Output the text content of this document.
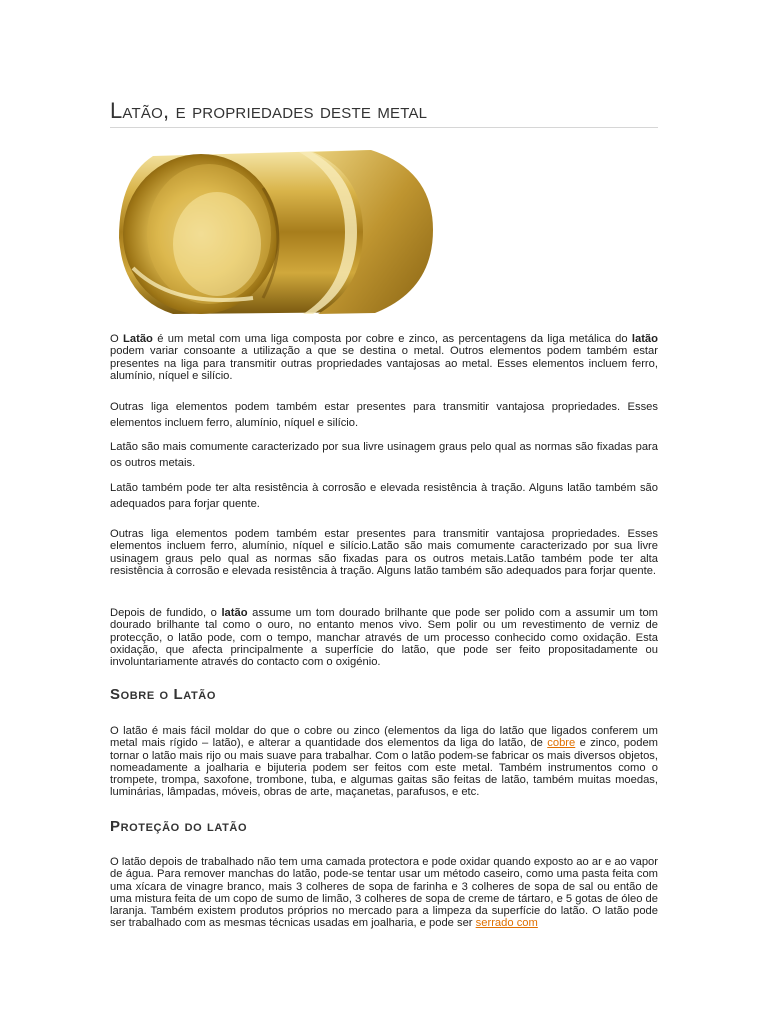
Latão, e propriedades deste metal

O Latão é um metal com uma liga composta por cobre e zinco, as percentagens da liga metálica do latão podem variar consoante a utilização a que se destina o metal. Outros elementos podem também estar presentes na liga para transmitir outras propriedades vantajosas ao metal. Esses elementos incluem ferro, alumínio, níquel e silício.

Outras liga elementos podem também estar presentes para transmitir vantajosa propriedades. Esses elementos incluem ferro, alumínio, níquel e silício.

Latão são mais comumente caracterizado por sua livre usinagem graus pelo qual as normas são fixadas para os outros metais.

Latão também pode ter alta resistência à corrosão e elevada resistência à tração. Alguns latão também são adequados para forjar quente.

Outras liga elementos podem também estar presentes para transmitir vantajosa propriedades. Esses elementos incluem ferro, alumínio, níquel e silício.Latão são mais comumente caracterizado por sua livre usinagem graus pelo qual as normas são fixadas para os outros metais.Latão também pode ter alta resistência à corrosão e elevada resistência à tração. Alguns latão também são adequados para forjar quente.

Depois de fundido, o latão assume um tom dourado brilhante que pode ser polido com a assumir um tom dourado brilhante tal como o ouro, no entanto menos vivo. Sem polir ou um revestimento de verniz de protecção, o latão pode, com o tempo, manchar através de um processo conhecido como oxidação. Esta oxidação, que afecta principalmente a superfície do latão, que pode ser feito propositadamente ou involuntariamente através do contacto com o oxigénio.

Sobre o Latão

O latão é mais fácil moldar do que o cobre ou zinco (elementos da liga do latão que ligados conferem um metal mais rígido – latão), e alterar a quantidade dos elementos da liga do latão, de cobre e zinco, podem tornar o latão mais rijo ou mais suave para trabalhar. Com o latão podem-se fabricar os mais diversos objetos, nomeadamente a joalharia e bijuteria podem ser feitos com este metal. Também instrumentos como o trompete, trompa, saxofone, trombone, tuba, e algumas gaitas são feitas de latão, também muitas moedas, luminárias, lâmpadas, móveis, obras de arte, maçanetas, parafusos, e etc.

Proteção do latão

O latão depois de trabalhado não tem uma camada protectora e pode oxidar quando exposto ao ar e ao vapor de água. Para remover manchas do latão, pode-se tentar usar um método caseiro, como uma pasta feita com uma xícara de vinagre branco, mais 3 colheres de sopa de farinha e 3 colheres de sopa de sal ou então de uma mistura feita de um copo de sumo de limão, 3 colheres de sopa de creme de tártaro, e 5 gotas de óleo de laranja. Também existem produtos próprios no mercado para a limpeza da superfície do latão. O latão pode ser trabalhado com as mesmas técnicas usadas em joalharia, e pode ser serrado com
